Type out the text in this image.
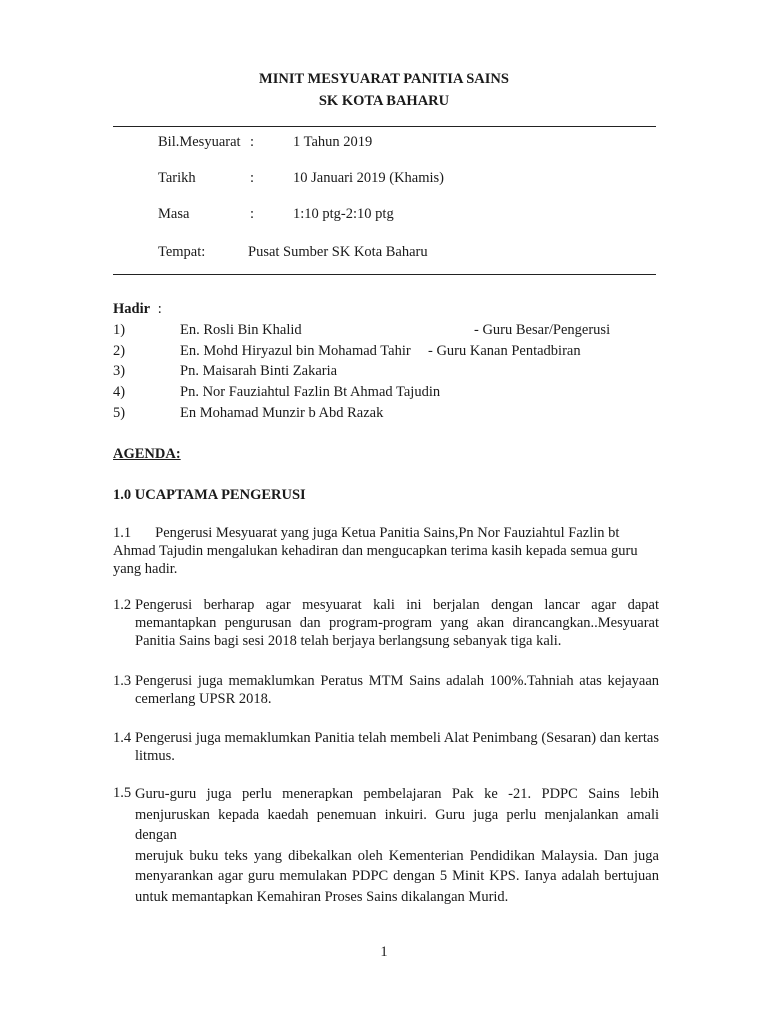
MINIT MESYUARAT PANITIA SAINS
SK KOTA BAHARU
Bil.Mesyuarat :	1 Tahun 2019
Tarikh	:	10 Januari 2019 (Khamis)
Masa	:	1:10 ptg-2:10 ptg
Tempat:	Pusat Sumber SK Kota Baharu
Hadir :
1)	En. Rosli Bin Khalid	- Guru Besar/Pengerusi
2)	En. Mohd Hiryazul bin Mohamad Tahir - Guru Kanan Pentadbiran
3)	Pn. Maisarah Binti Zakaria
4)	Pn. Nor Fauziahtul Fazlin Bt Ahmad Tajudin
5)	En Mohamad Munzir b Abd Razak
AGENDA:
1.0 UCAPTAMA PENGERUSI
1.1 Pengerusi Mesyuarat yang juga Ketua Panitia Sains,Pn Nor Fauziahtul Fazlin bt
Ahmad Tajudin mengalukan kehadiran dan mengucapkan terima kasih kepada semua guru
yang hadir.
1.2 Pengerusi berharap agar mesyuarat kali ini berjalan dengan lancar agar dapat
memantapkan pengurusan dan program-program yang akan dirancangkan..Mesyuarat
Panitia Sains bagi sesi 2018 telah berjaya berlangsung sebanyak tiga kali.
1.3 Pengerusi juga memaklumkan Peratus MTM Sains adalah 100%.Tahniah atas kejayaan
cemerlang UPSR 2018.
1.4 Pengerusi juga memaklumkan Panitia telah membeli Alat Penimbang (Sesaran) dan kertas
litmus.
1.5 Guru-guru juga perlu menerapkan pembelajaran Pak ke -21. PDPC Sains lebih
menjuruskan kepada kaedah penemuan inkuiri. Guru juga perlu menjalankan amali dengan
merujuk buku teks yang dibekalkan oleh Kementerian Pendidikan Malaysia. Dan juga
menyarankan agar guru memulakan PDPC dengan 5 Minit KPS. Ianya adalah bertujuan
untuk memantapkan Kemahiran Proses Sains dikalangan Murid.
1
